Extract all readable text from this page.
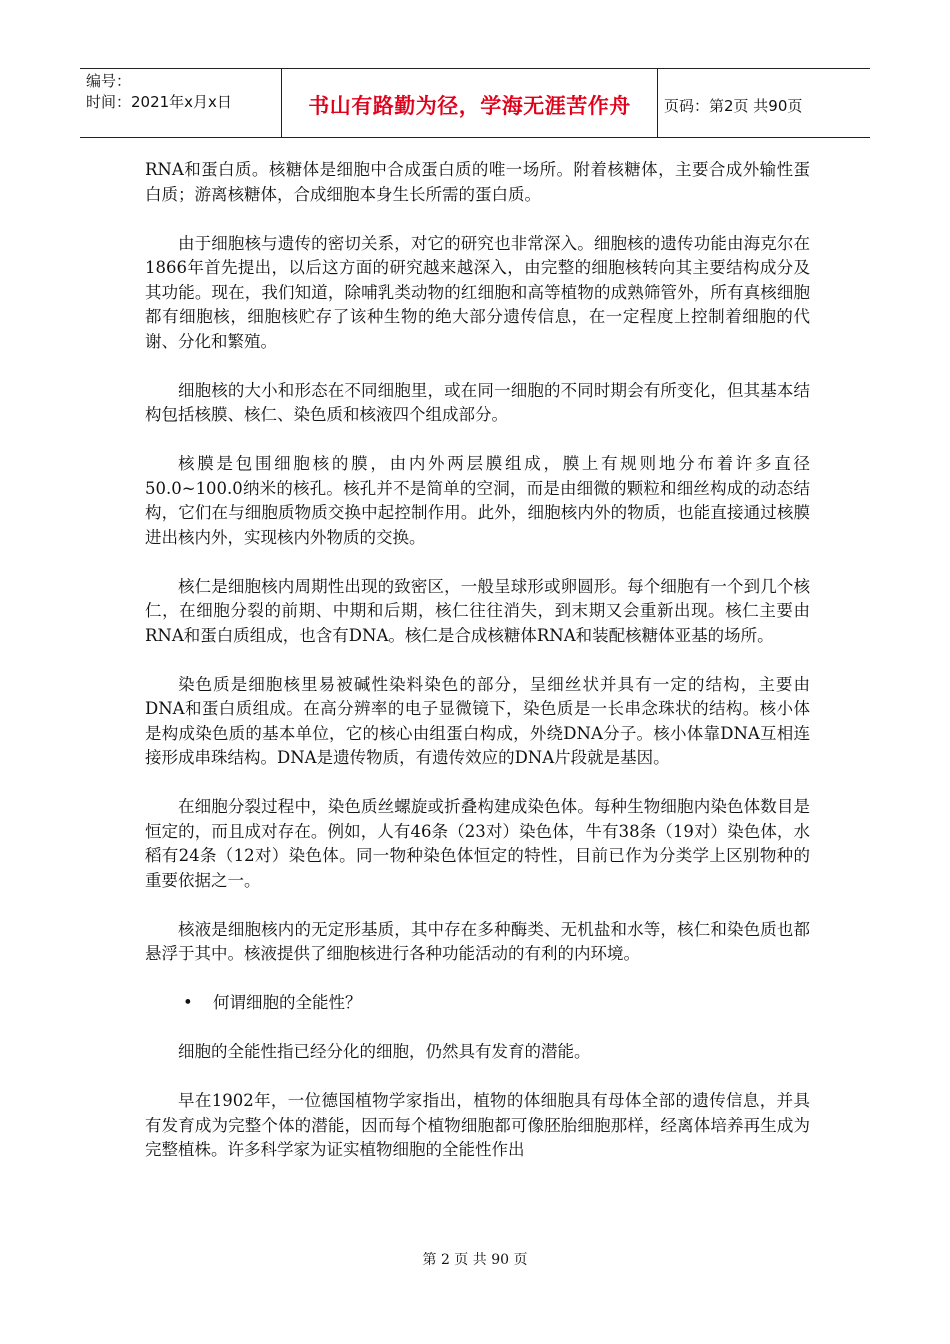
编号：
时间：2021年x月x日	书山有路勤为径，学海无涯苦作舟	页码：第2页 共90页

RNA和蛋白质。核糖体是细胞中合成蛋白质的唯一场所。附着核糖体，主要合成外输性蛋白质；游离核糖体，合成细胞本身生长所需的蛋白质。

由于细胞核与遗传的密切关系，对它的研究也非常深入。细胞核的遗传功能由海克尔在1866年首先提出，以后这方面的研究越来越深入，由完整的细胞核转向其主要结构成分及其功能。现在，我们知道，除哺乳类动物的红细胞和高等植物的成熟筛管外，所有真核细胞都有细胞核，细胞核贮存了该种生物的绝大部分遗传信息，在一定程度上控制着细胞的代谢、分化和繁殖。

细胞核的大小和形态在不同细胞里，或在同一细胞的不同时期会有所变化，但其基本结构包括核膜、核仁、染色质和核液四个组成部分。

核膜是包围细胞核的膜，由内外两层膜组成，膜上有规则地分布着许多直径50.0~100.0纳米的核孔。核孔并不是简单的空洞，而是由细微的颗粒和细丝构成的动态结构，它们在与细胞质物质交换中起控制作用。此外，细胞核内外的物质，也能直接通过核膜进出核内外，实现核内外物质的交换。

核仁是细胞核内周期性出现的致密区，一般呈球形或卵圆形。每个细胞有一个到几个核仁，在细胞分裂的前期、中期和后期，核仁往往消失，到末期又会重新出现。核仁主要由RNA和蛋白质组成，也含有DNA。核仁是合成核糖体RNA和装配核糖体亚基的场所。

染色质是细胞核里易被碱性染料染色的部分，呈细丝状并具有一定的结构，主要由DNA和蛋白质组成。在高分辨率的电子显微镜下，染色质是一长串念珠状的结构。核小体是构成染色质的基本单位，它的核心由组蛋白构成，外绕DNA分子。核小体靠DNA互相连接形成串珠结构。DNA是遗传物质，有遗传效应的DNA片段就是基因。

在细胞分裂过程中，染色质丝螺旋或折叠构建成染色体。每种生物细胞内染色体数目是恒定的，而且成对存在。例如，人有46条（23对）染色体，牛有38条（19对）染色体，水稻有24条（12对）染色体。同一物种染色体恒定的特性，目前已作为分类学上区别物种的重要依据之一。

核液是细胞核内的无定形基质，其中存在多种酶类、无机盐和水等，核仁和染色质也都悬浮于其中。核液提供了细胞核进行各种功能活动的有利的内环境。

• 何谓细胞的全能性？

细胞的全能性指已经分化的细胞，仍然具有发育的潜能。

早在1902年，一位德国植物学家指出，植物的体细胞具有母体全部的遗传信息，并具有发育成为完整个体的潜能，因而每个植物细胞都可像胚胎细胞那样，经离体培养再生成为完整植株。许多科学家为证实植物细胞的全能性作出

第 2 页 共 90 页
